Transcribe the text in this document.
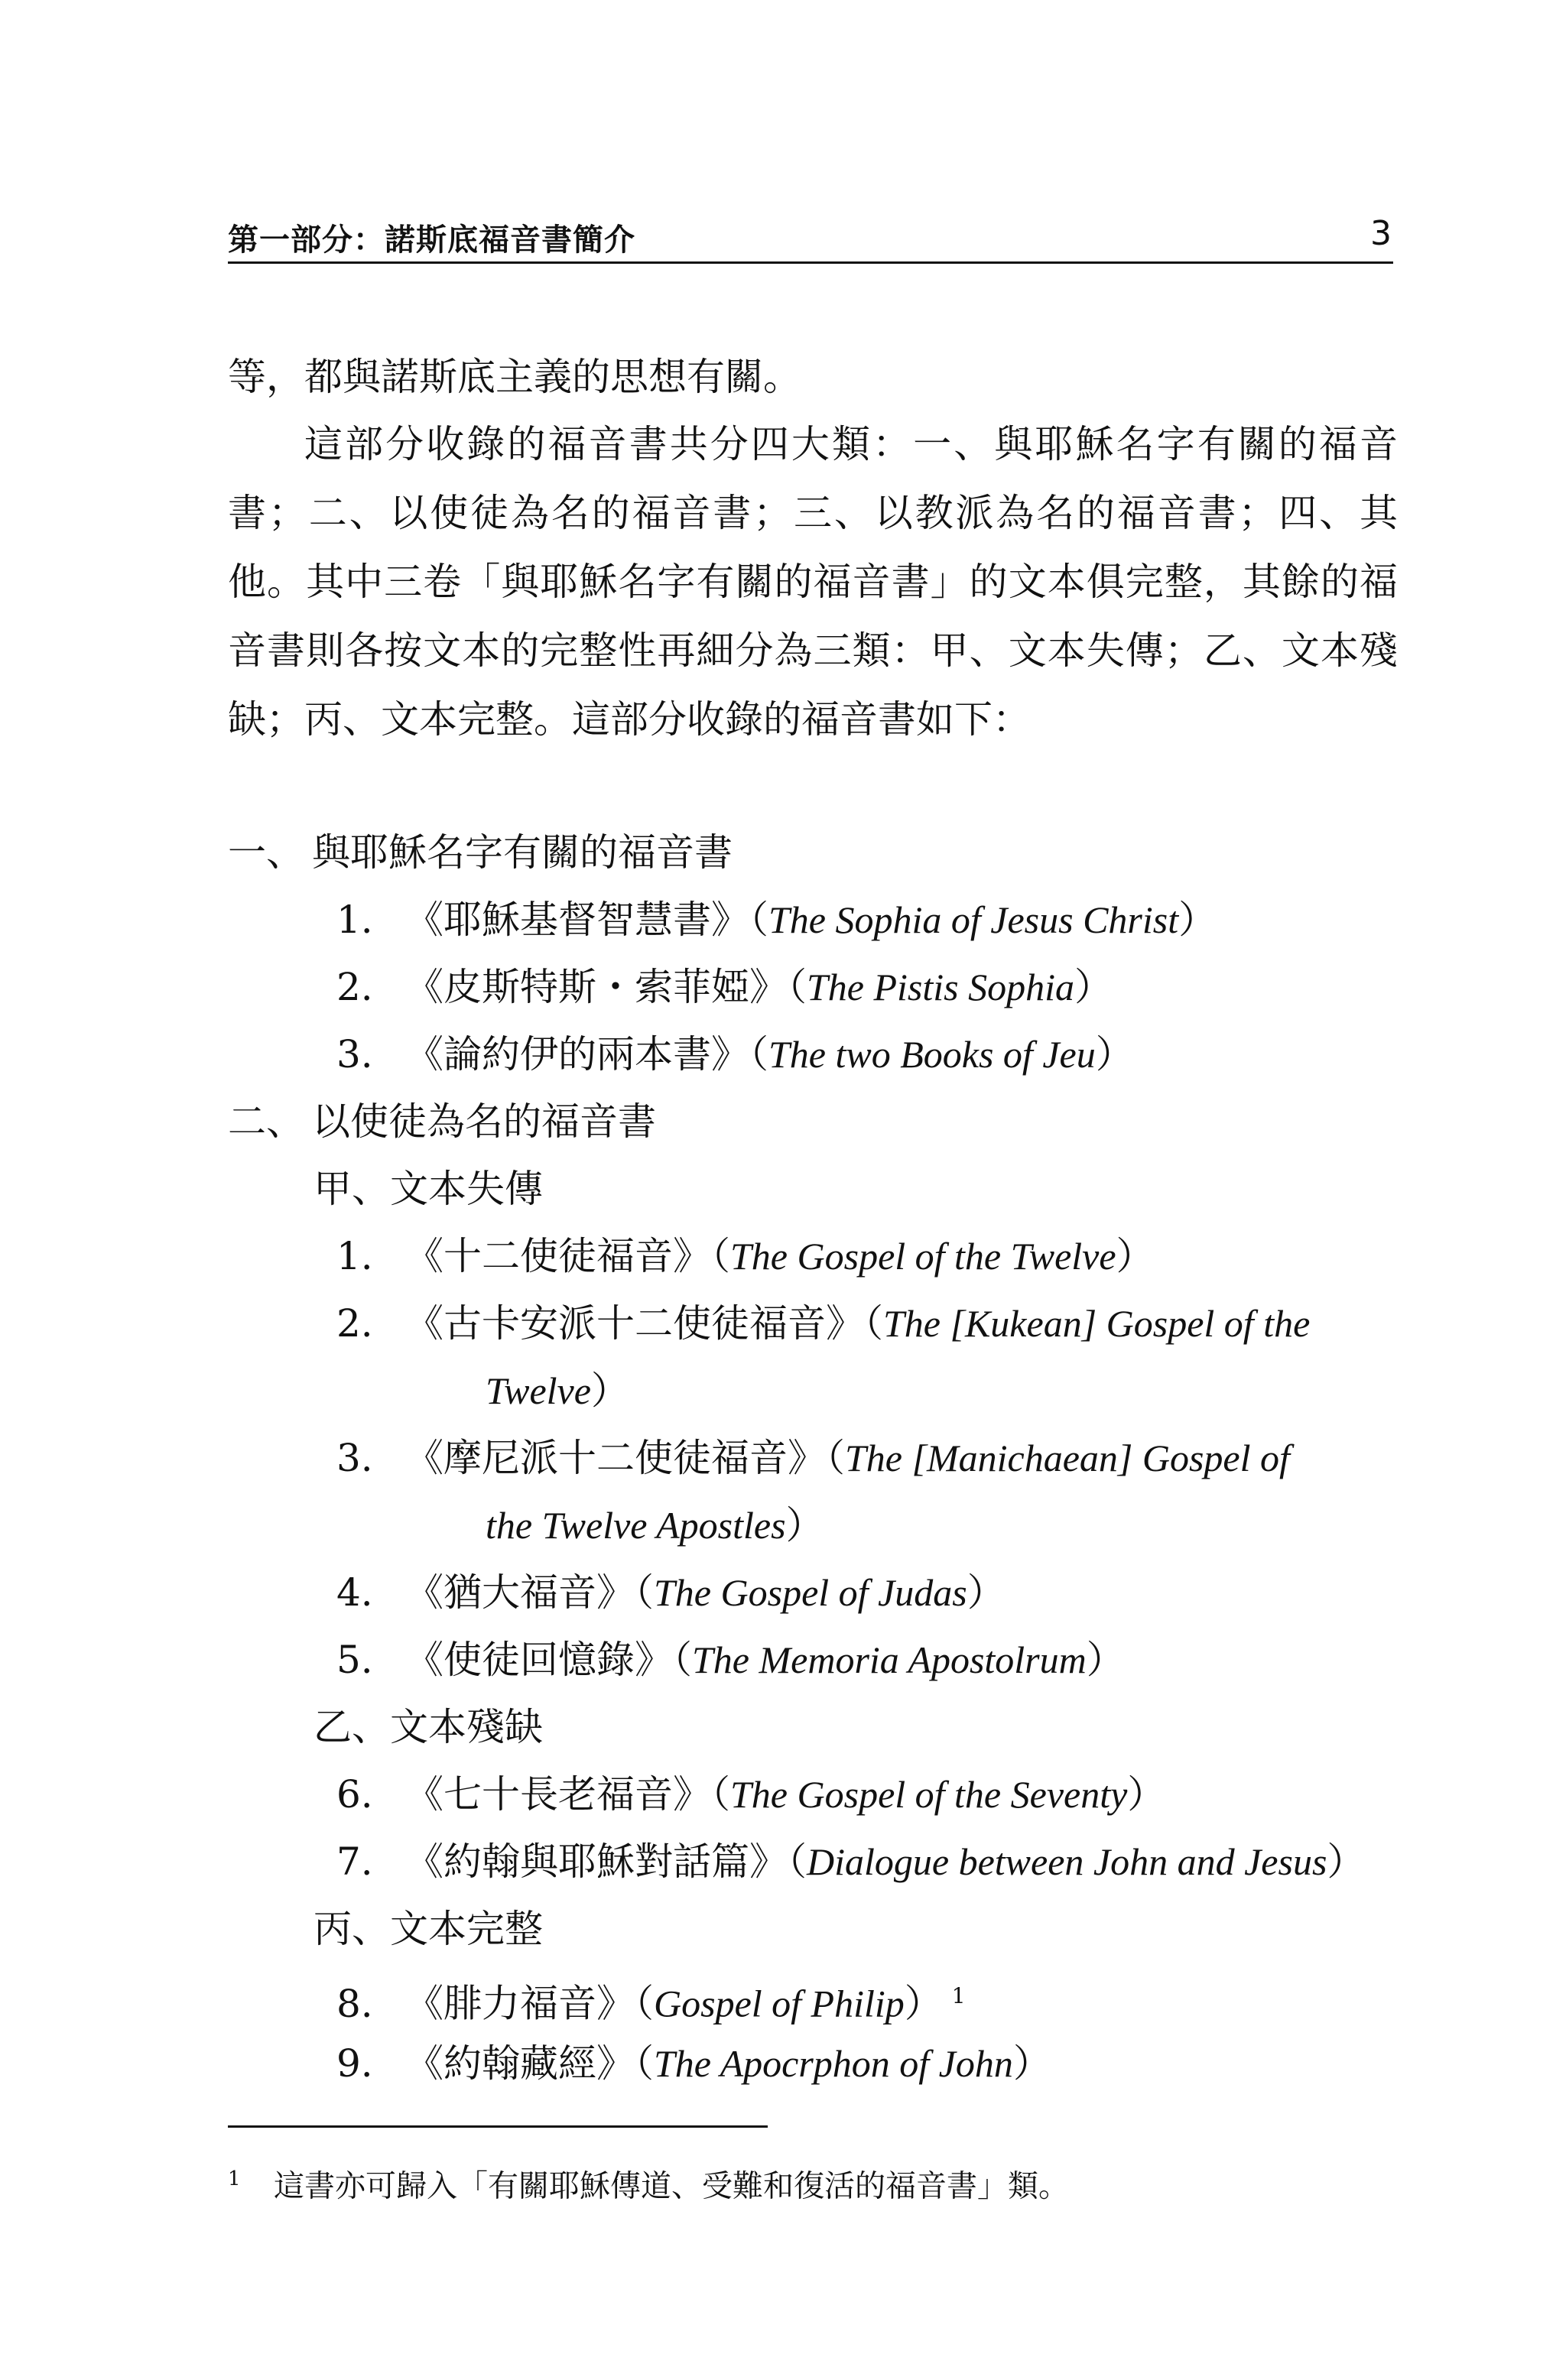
第一部分：諾斯底福音書簡介	3

等，都與諾斯底主義的思想有關。

這部分收錄的福音書共分四大類：一、與耶穌名字有關的福音書；二、以使徒為名的福音書；三、以教派為名的福音書；四、其他。其中三卷「與耶穌名字有關的福音書」的文本俱完整，其餘的福音書則各按文本的完整性再細分為三類：甲、文本失傳；乙、文本殘缺；丙、文本完整。這部分收錄的福音書如下：

一、 與耶穌名字有關的福音書
1. 《耶穌基督智慧書》（The Sophia of Jesus Christ）
2. 《皮斯特斯・索菲婭》（The Pistis Sophia）
3. 《論約伊的兩本書》（The two Books of Jeu）
二、 以使徒為名的福音書
甲、文本失傳
1. 《十二使徒福音》（The Gospel of the Twelve）
2. 《古卡安派十二使徒福音》（The [Kukean] Gospel of the
Twelve）
3. 《摩尼派十二使徒福音》（The [Manichaean] Gospel of
the Twelve Apostles）
4. 《猶大福音》（The Gospel of Judas）
5. 《使徒回憶錄》（The Memoria Apostolrum）
乙、文本殘缺
6. 《七十長老福音》（The Gospel of the Seventy）
7. 《約翰與耶穌對話篇》（Dialogue between John and Jesus）
丙、文本完整
8. 《腓力福音》（Gospel of Philip） $^1$
9. 《約翰藏經》（The Apocrphon of John）
1 這書亦可歸入「有關耶穌傳道、受難和復活的福音書」類。
